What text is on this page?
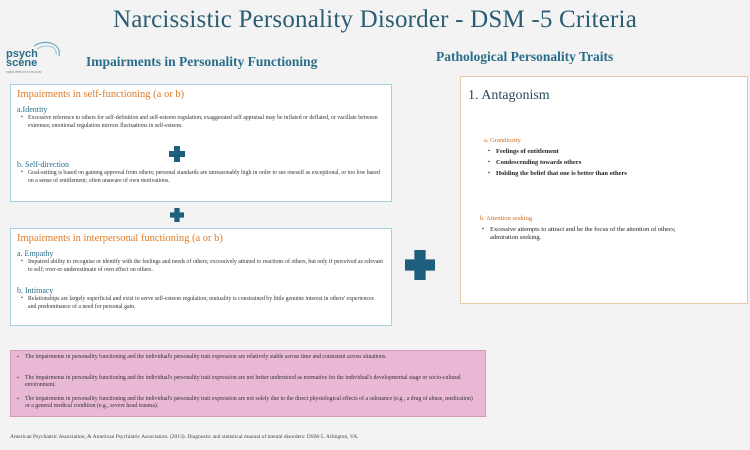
Narcissistic Personality Disorder - DSM -5 Criteria
psych
scene
SIMPLIFIED PSYCHIATRY
Impairments in Personality Functioning	Pathological Personality Traits
Impairments in self-functioning (a or b)
a.Identity
▪ Excessive reference to others for self-definition and self-esteem regulation; exaggerated self appraisal may be inflated or deflated, or vacillate between extremes; emotional regulation mirrors fluctuations in self-esteem.
b. Self-direction
▪ Goal-setting is based on gaining approval from others; personal standards are unreasonably high in order to see oneself as exceptional, or too low based on a sense of entitlement; often unaware of own motivations.
Impairments in interpersonal functioning (a or b)
a. Empathy
▪ Impaired ability to recognise or identify with the feelings and needs of others; excessively attuned to reactions of others, but only if perceived as relevant to self; over-or underestimate of own effect on others.
b. Intimacy
▪ Relationships are largely superficial and exist to serve self-esteem regulation; mutuality is constrained by little genuine interest in others' experiences and predominance of a need for personal gain.
1. Antagonism
a. Grandiosity
▪ Feelings of entitlement
▪ Condescending towards others
▪ Holding the belief that one is better than others
b. Attention seeking
▪ Excessive attempts to attract and be the focus of the attention of others; admiration seeking.
▪ The impairments in personality functioning and the individual's personality trait expression are relatively stable across time and consistent across situations.
▪ The impairments in personality functioning and the individual's personality trait expression are not better understood as normative for the individual's developmental stage or socio-cultural environment.
▪ The impairments in personality functioning and the individual's personality trait expression are not solely due to the direct physiological effects of a substance (e.g., a drug of abuse, medication) or a general medical condition (e.g., severe head trauma).
American Psychiatric Association, & American Psychiatric Association. (2013). Diagnostic and statistical manual of mental disorders: DSM-5. Arlington, VA.
